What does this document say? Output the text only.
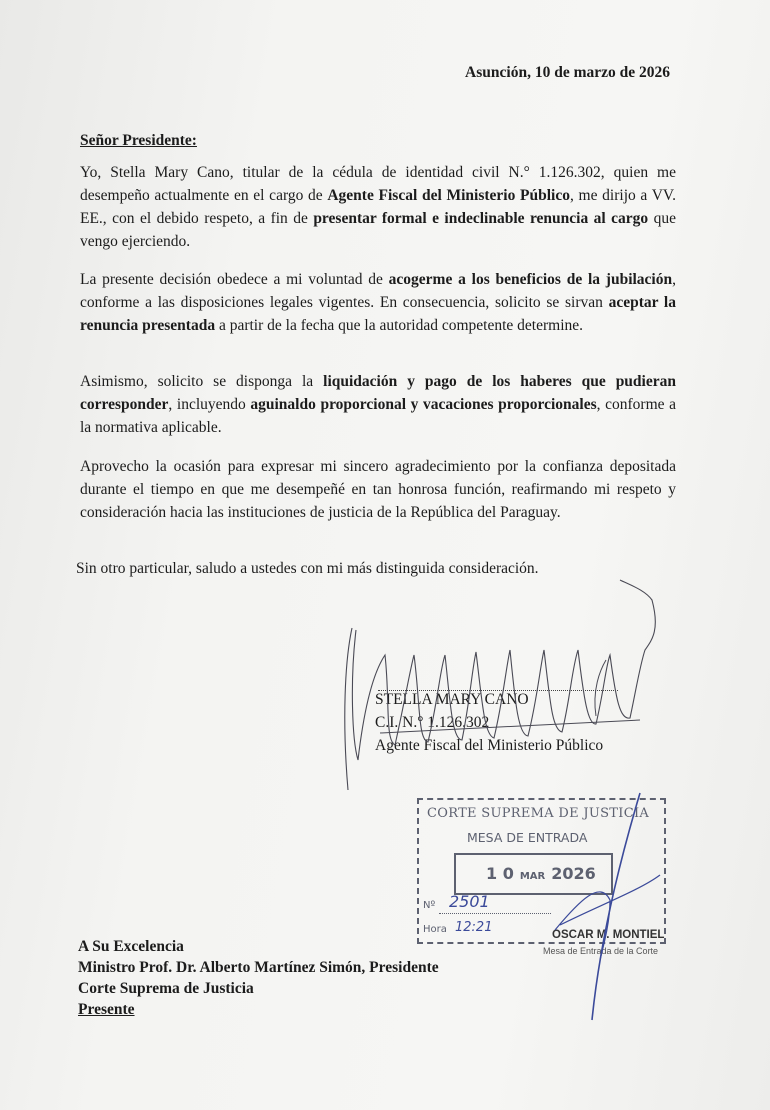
Asunción, 10 de marzo de 2026
Señor Presidente:
Yo, Stella Mary Cano, titular de la cédula de identidad civil N.° 1.126.302, quien me desempeño actualmente en el cargo de Agente Fiscal del Ministerio Público, me dirijo a VV. EE., con el debido respeto, a fin de presentar formal e indeclinable renuncia al cargo que vengo ejerciendo.
La presente decisión obedece a mi voluntad de acogerme a los beneficios de la jubilación, conforme a las disposiciones legales vigentes. En consecuencia, solicito se sirvan aceptar la renuncia presentada a partir de la fecha que la autoridad competente determine.
Asimismo, solicito se disponga la liquidación y pago de los haberes que pudieran corresponder, incluyendo aguinaldo proporcional y vacaciones proporcionales, conforme a la normativa aplicable.
Aprovecho la ocasión para expresar mi sincero agradecimiento por la confianza depositada durante el tiempo en que me desempeñé en tan honrosa función, reafirmando mi respeto y consideración hacia las instituciones de justicia de la República del Paraguay.
Sin otro particular, saludo a ustedes con mi más distinguida consideración.
STELLA MARY CANO
C.I. N.° 1.126.302
Agente Fiscal del Ministerio Público
CORTE SUPREMA DE JUSTICIA
MESA DE ENTRADA
1 0 MAR 2026
Nº 2501
Hora 12:21	OSCAR M. MONTIEL
Mesa de Entrada de la Corte
A Su Excelencia
Ministro Prof. Dr. Alberto Martínez Simón, Presidente
Corte Suprema de Justicia
Presente
